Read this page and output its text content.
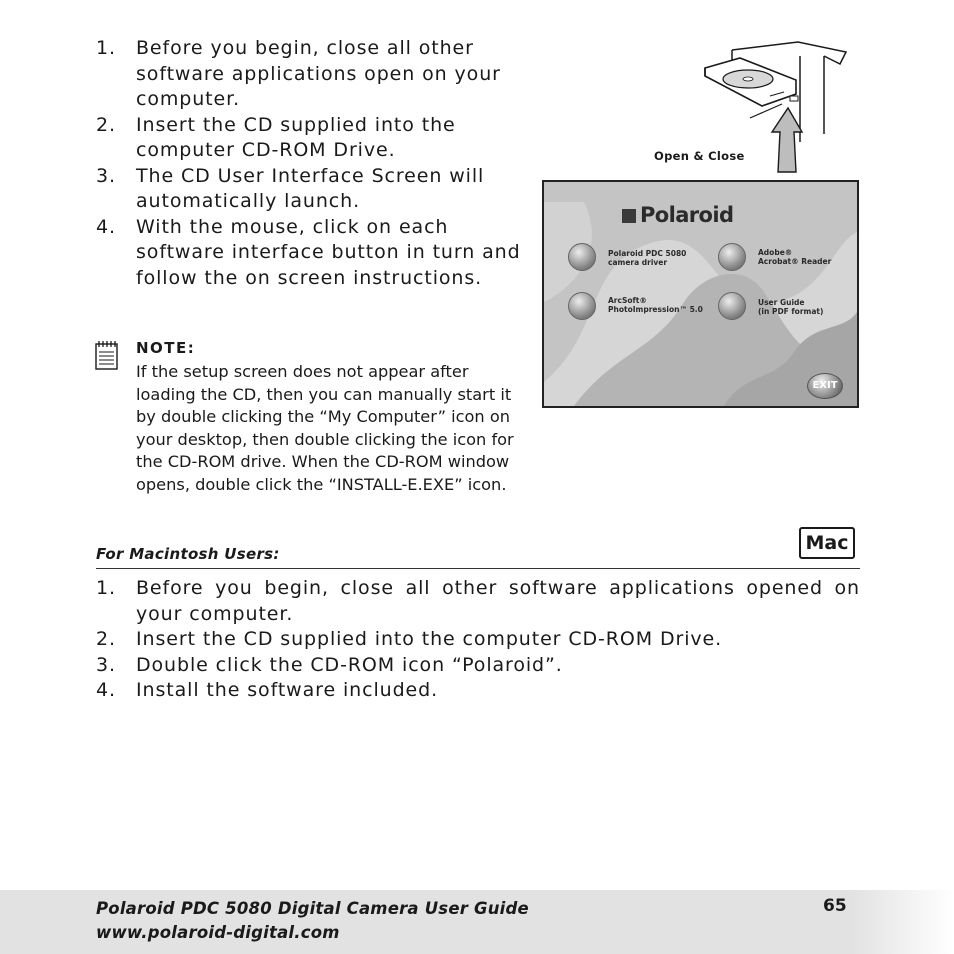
1. Before you begin, close all other software applications open on your computer.
2. Insert the CD supplied into the computer CD-ROM Drive.
3. The CD User Interface Screen will automatically launch.
4. With the mouse, click on each software interface button in turn and follow the on screen instructions.
NOTE:
If the setup screen does not appear after loading the CD, then you can manually start it by double clicking the “My Computer” icon on your desktop, then double clicking the icon for the CD-ROM drive. When the CD-ROM window opens, double click the “INSTALL-E.EXE” icon.
Open & Close
Polaroid
Polaroid PDC 5080
camera driver
Adobe®
Acrobat® Reader
ArcSoft®
PhotoImpression™ 5.0
User Guide
(in PDF format)
EXIT
For Macintosh Users:	Mac
1. Before you begin, close all other software applications opened on your computer.
2. Insert the CD supplied into the computer CD-ROM Drive.
3. Double click the CD-ROM icon “Polaroid”.
4. Install the software included.
Polaroid PDC 5080 Digital Camera User Guide
www.polaroid-digital.com
65
